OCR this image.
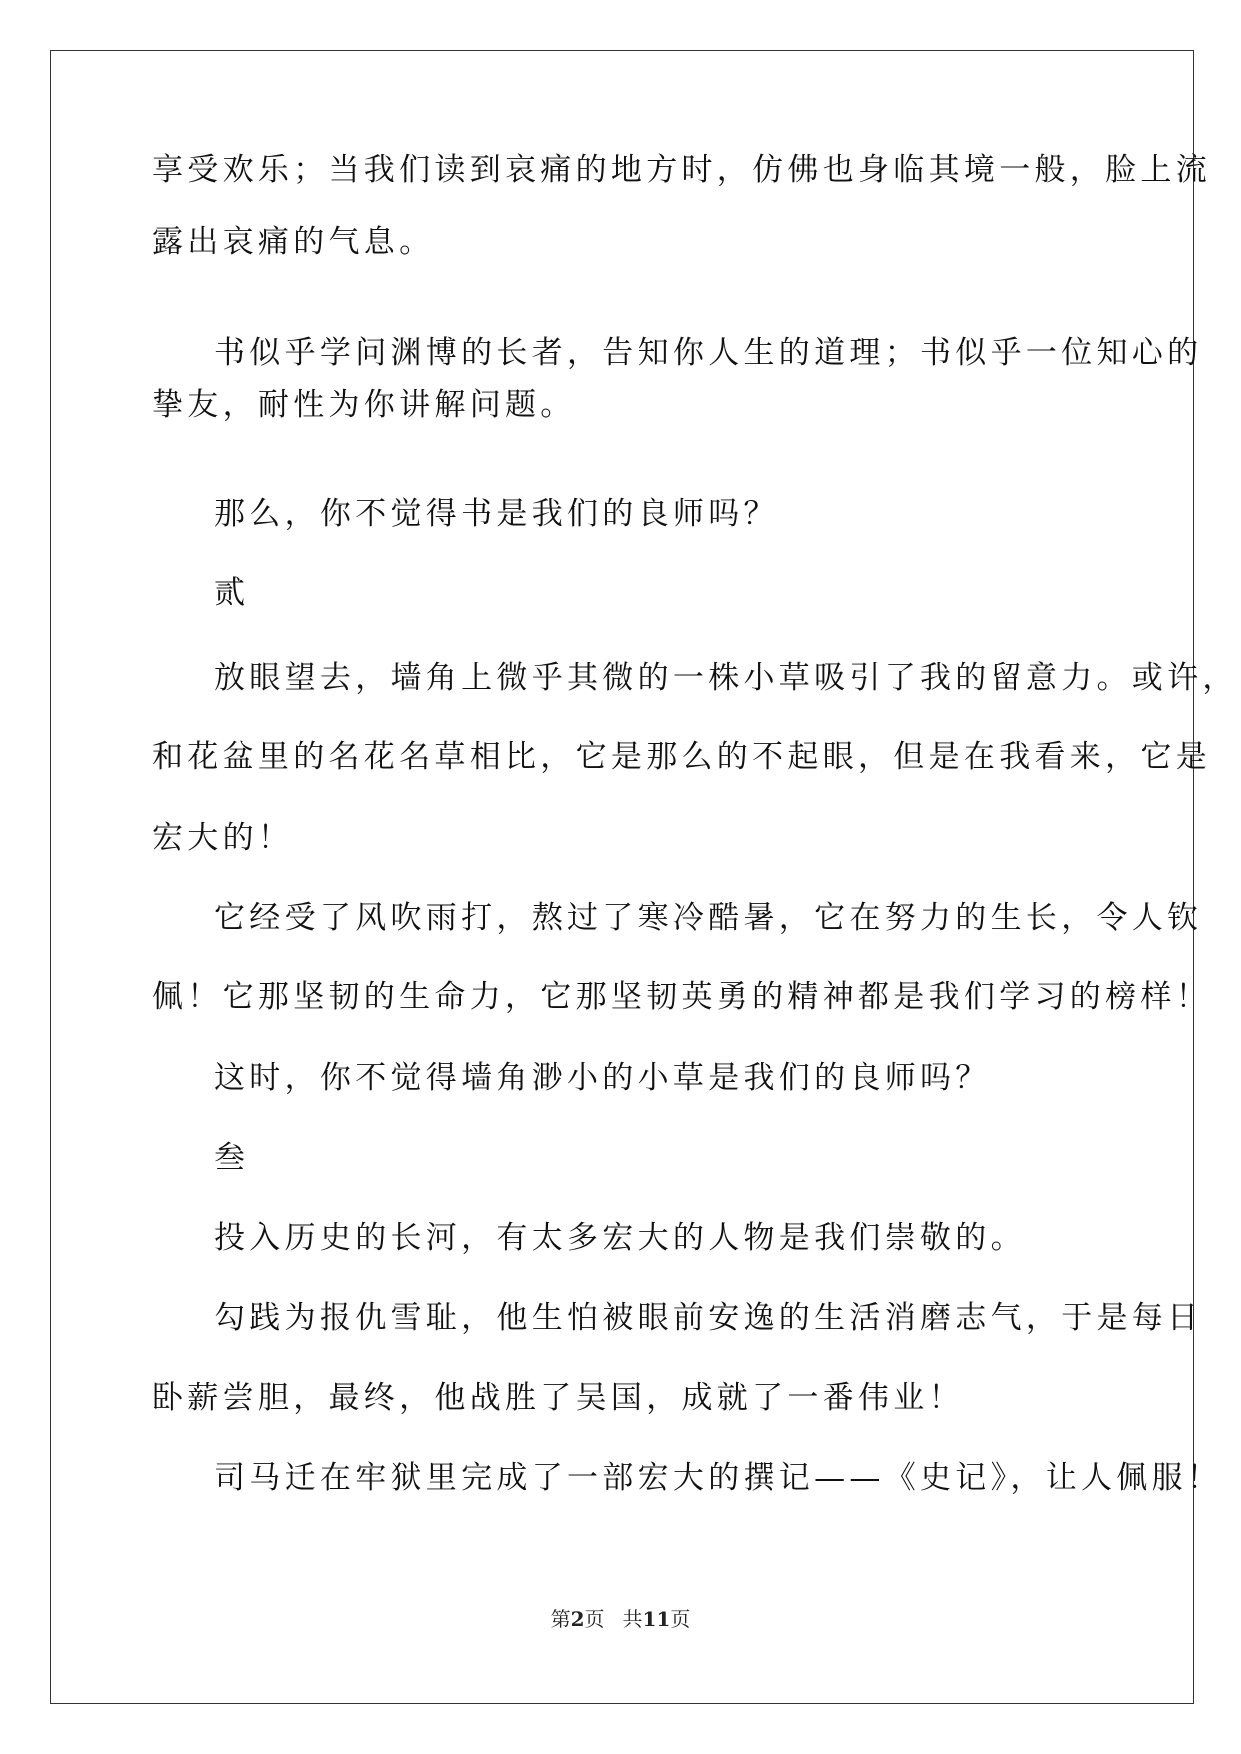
享受欢乐；当我们读到哀痛的地方时，仿佛也身临其境一般，脸上流
露出哀痛的气息。
书似乎学问渊博的长者，告知你人生的道理；书似乎一位知心的
挚友，耐性为你讲解问题。
那么，你不觉得书是我们的良师吗？
贰
放眼望去，墙角上微乎其微的一株小草吸引了我的留意力。或许，
和花盆里的名花名草相比，它是那么的不起眼，但是在我看来，它是
宏大的！
它经受了风吹雨打，熬过了寒冷酷暑，它在努力的生长，令人钦
佩！它那坚韧的生命力，它那坚韧英勇的精神都是我们学习的榜样！
这时，你不觉得墙角渺小的小草是我们的良师吗？
叁
投入历史的长河，有太多宏大的人物是我们崇敬的。
勾践为报仇雪耻，他生怕被眼前安逸的生活消磨志气，于是每日
卧薪尝胆，最终，他战胜了吴国，成就了一番伟业！
司马迁在牢狱里完成了一部宏大的撰记——《史记》，让人佩服！
第2页 共11页
